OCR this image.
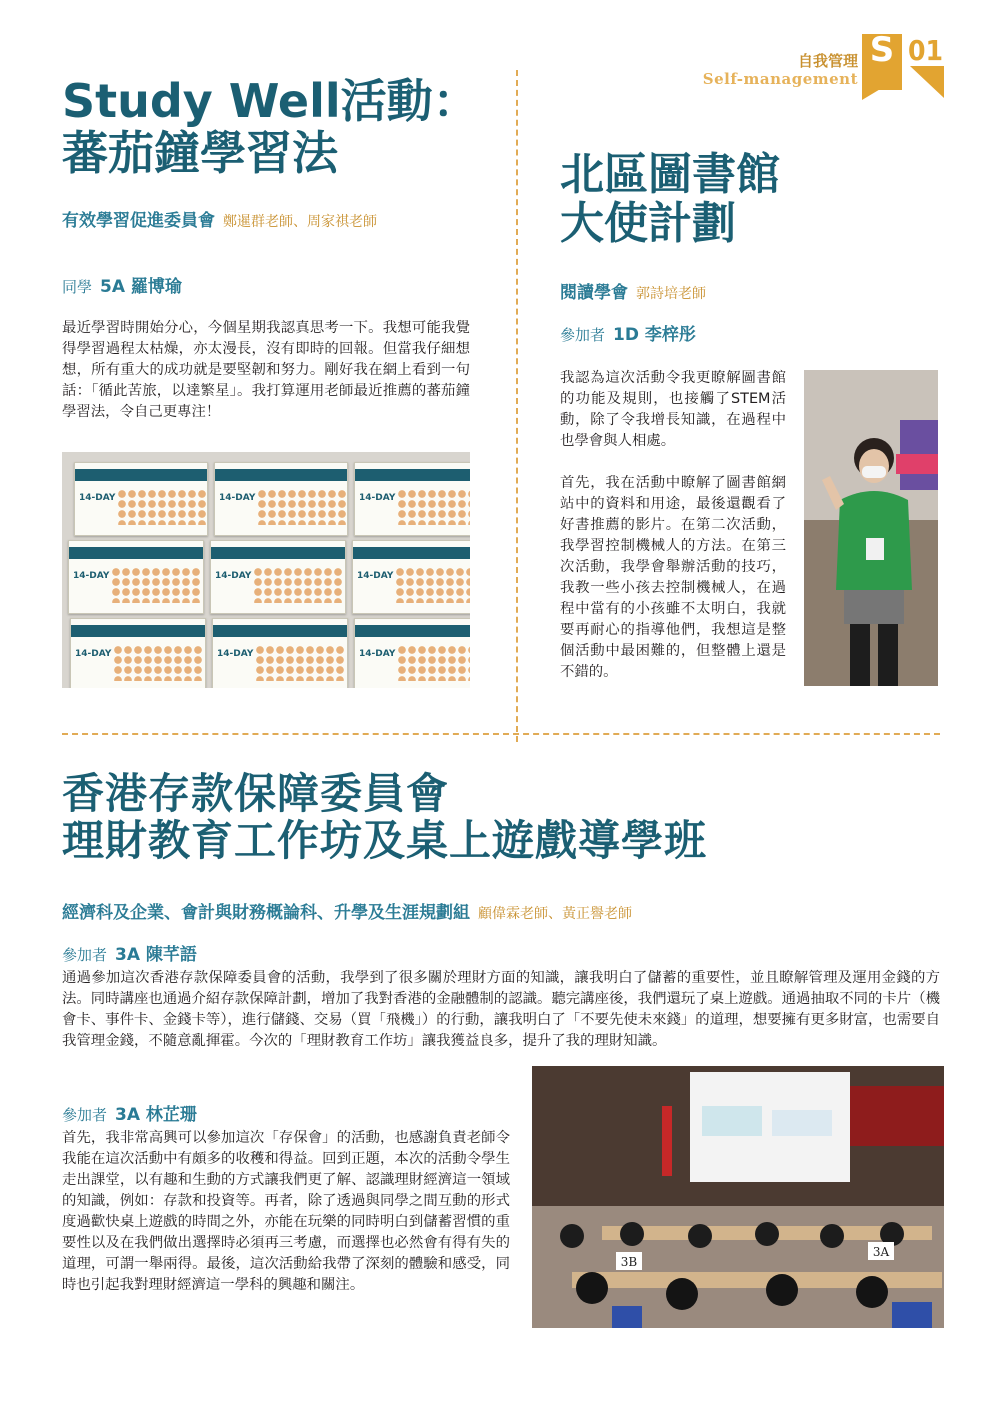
自我管理
Self-management
S 01
Study Well活動：
蕃茄鐘學習法
有效學習促進委員會 鄭暹群老師、周家祺老師
同學 5A 羅博瑜
最近學習時開始分心，今個星期我認真思考一下。我想可能我覺得學習過程太枯燥，亦太漫長，沒有即時的回報。但當我仔細想想，所有重大的成功就是要堅韌和努力。剛好我在網上看到一句話：「循此苦旅，以達繁星」。我打算運用老師最近推薦的蕃茄鐘學習法，令自己更專注！
14-DAY	14-DAY	14-DAY
14-DAY	14-DAY	14-DAY
14-DAY	14-DAY	14-DAY
北區圖書館
大使計劃
閱讀學會 郭詩培老師
參加者 1D 李梓彤
我認為這次活動令我更瞭解圖書館的功能及規則，也接觸了STEM活動，除了令我增長知識，在過程中也學會與人相處。
首先，我在活動中瞭解了圖書館網站中的資料和用途，最後還觀看了好書推薦的影片。在第二次活動，我學習控制機械人的方法。在第三次活動，我學會舉辦活動的技巧，我教一些小孩去控制機械人，在過程中當有的小孩雖不太明白，我就要再耐心的指導他們，我想這是整個活動中最困難的，但整體上還是不錯的。
香港存款保障委員會
理財教育工作坊及桌上遊戲導學班
經濟科及企業、會計與財務概論科、升學及生涯規劃組 顧偉霖老師、黃正譽老師
參加者 3A 陳芊語
通過參加這次香港存款保障委員會的活動，我學到了很多關於理財方面的知識，讓我明白了儲蓄的重要性，並且瞭解管理及運用金錢的方法。同時講座也通過介紹存款保障計劃，增加了我對香港的金融體制的認識。聽完講座後，我們還玩了桌上遊戲。通過抽取不同的卡片（機會卡、事件卡、金錢卡等），進行儲錢、交易（買「飛機」）的行動，讓我明白了「不要先使未來錢」的道理，想要擁有更多財富，也需要自我管理金錢，不隨意亂揮霍。今次的「理財教育工作坊」讓我獲益良多，提升了我的理財知識。
參加者 3A 林芷珊
首先，我非常高興可以參加這次「存保會」的活動，也感謝負責老師令我能在這次活動中有頗多的收穫和得益。回到正題，本次的活動令學生走出課堂，以有趣和生動的方式讓我們更了解、認識理財經濟這一領域的知識，例如：存款和投資等。再者，除了透過與同學之間互動的形式度過歡快桌上遊戲的時間之外，亦能在玩樂的同時明白到儲蓄習慣的重要性以及在我們做出選擇時必須再三考慮，而選擇也必然會有得有失的道理，可謂一舉兩得。最後，這次活動給我帶了深刻的體驗和感受，同時也引起我對理財經濟這一學科的興趣和關注。
3A
3B
